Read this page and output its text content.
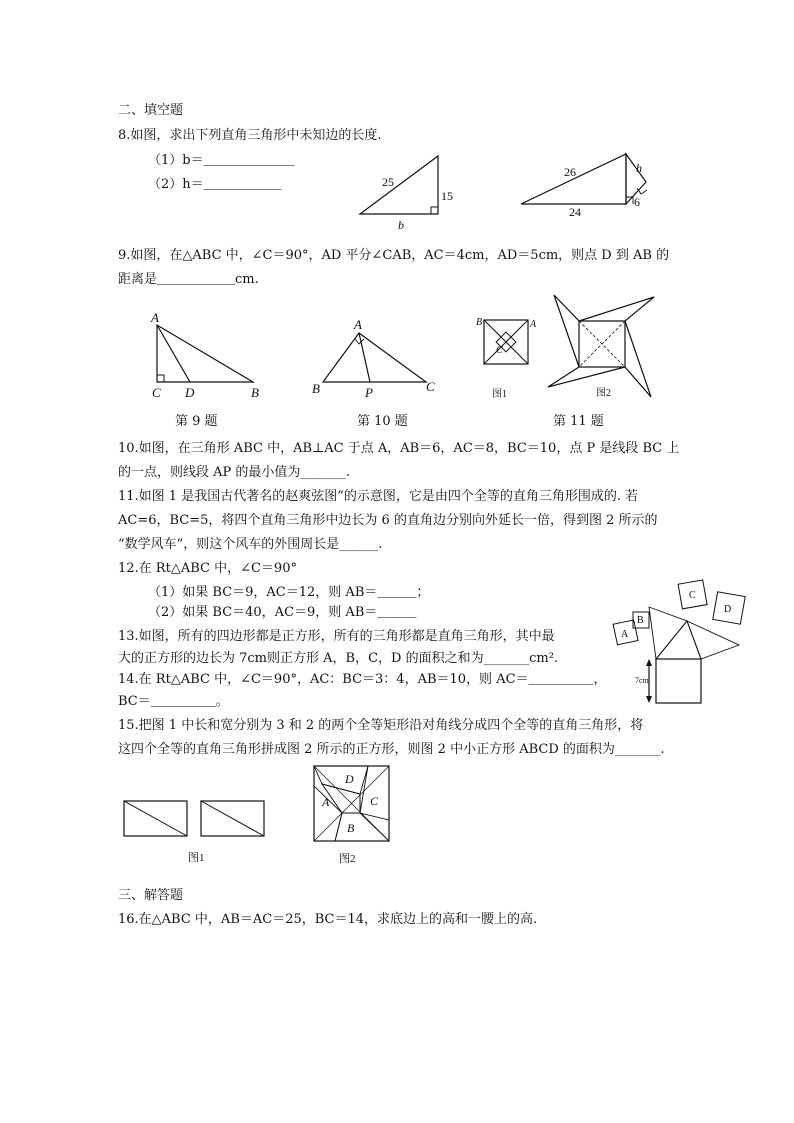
二、填空题
8.如图，求出下列直角三角形中未知边的长度.
（1）b＝＿＿＿＿＿＿＿
（2）h＝＿＿＿＿＿＿	25
15
b
26
24
6
h
9.如图，在△ABC 中，∠C＝90°，AD 平分∠CAB，AC＝4cm，AD＝5cm，则点 D 到 AB 的
距离是＿＿＿＿＿＿cm.
A
C D	B
第 9 题
A
B	P	C
第 10 题
B	A
C
图1	图2
第 11 题
10.如图，在三角形 ABC 中，AB⊥AC 于点 A，AB＝6，AC＝8，BC＝10，点 P 是线段 BC 上
的一点，则线段 AP 的最小值为_______.
11.如图 1 是我国古代著名的赵爽弦图”的示意图，它是由四个全等的直角三角形围成的. 若
AC=6，BC=5，将四个直角三角形中边长为 6 的直角边分别向外延长一倍，得到图 2 所示的
“数学风车”，则这个风车的外围周长是______.
12.在 Rt△ABC 中，∠C＝90°
（1）如果 BC＝9，AC＝12，则 AB＝＿＿＿；
（2）如果 BC＝40，AC＝9，则 AB＝＿＿＿
13.如图，所有的四边形都是正方形，所有的三角形都是直角三角形，其中最
大的正方形的边长为 7cm则正方形 A，B，C，D 的面积之和为_______cm².
A
B
C
D
7cm
14.在 Rt△ABC 中，∠C＝90°，AC：BC＝3：4，AB＝10，则 AC＝＿＿＿＿＿，
BC＝＿＿＿＿＿。
15.把图 1 中长和宽分别为 3 和 2 的两个全等矩形沿对角线分成四个全等的直角三角形，将
这四个全等的直角三角形拼成图 2 所示的正方形，则图 2 中小正方形 ABCD 的面积为_______.
图1
D
A	C
B
图2
三、解答题
16.在△ABC 中，AB＝AC＝25，BC＝14，求底边上的高和一腰上的高.
